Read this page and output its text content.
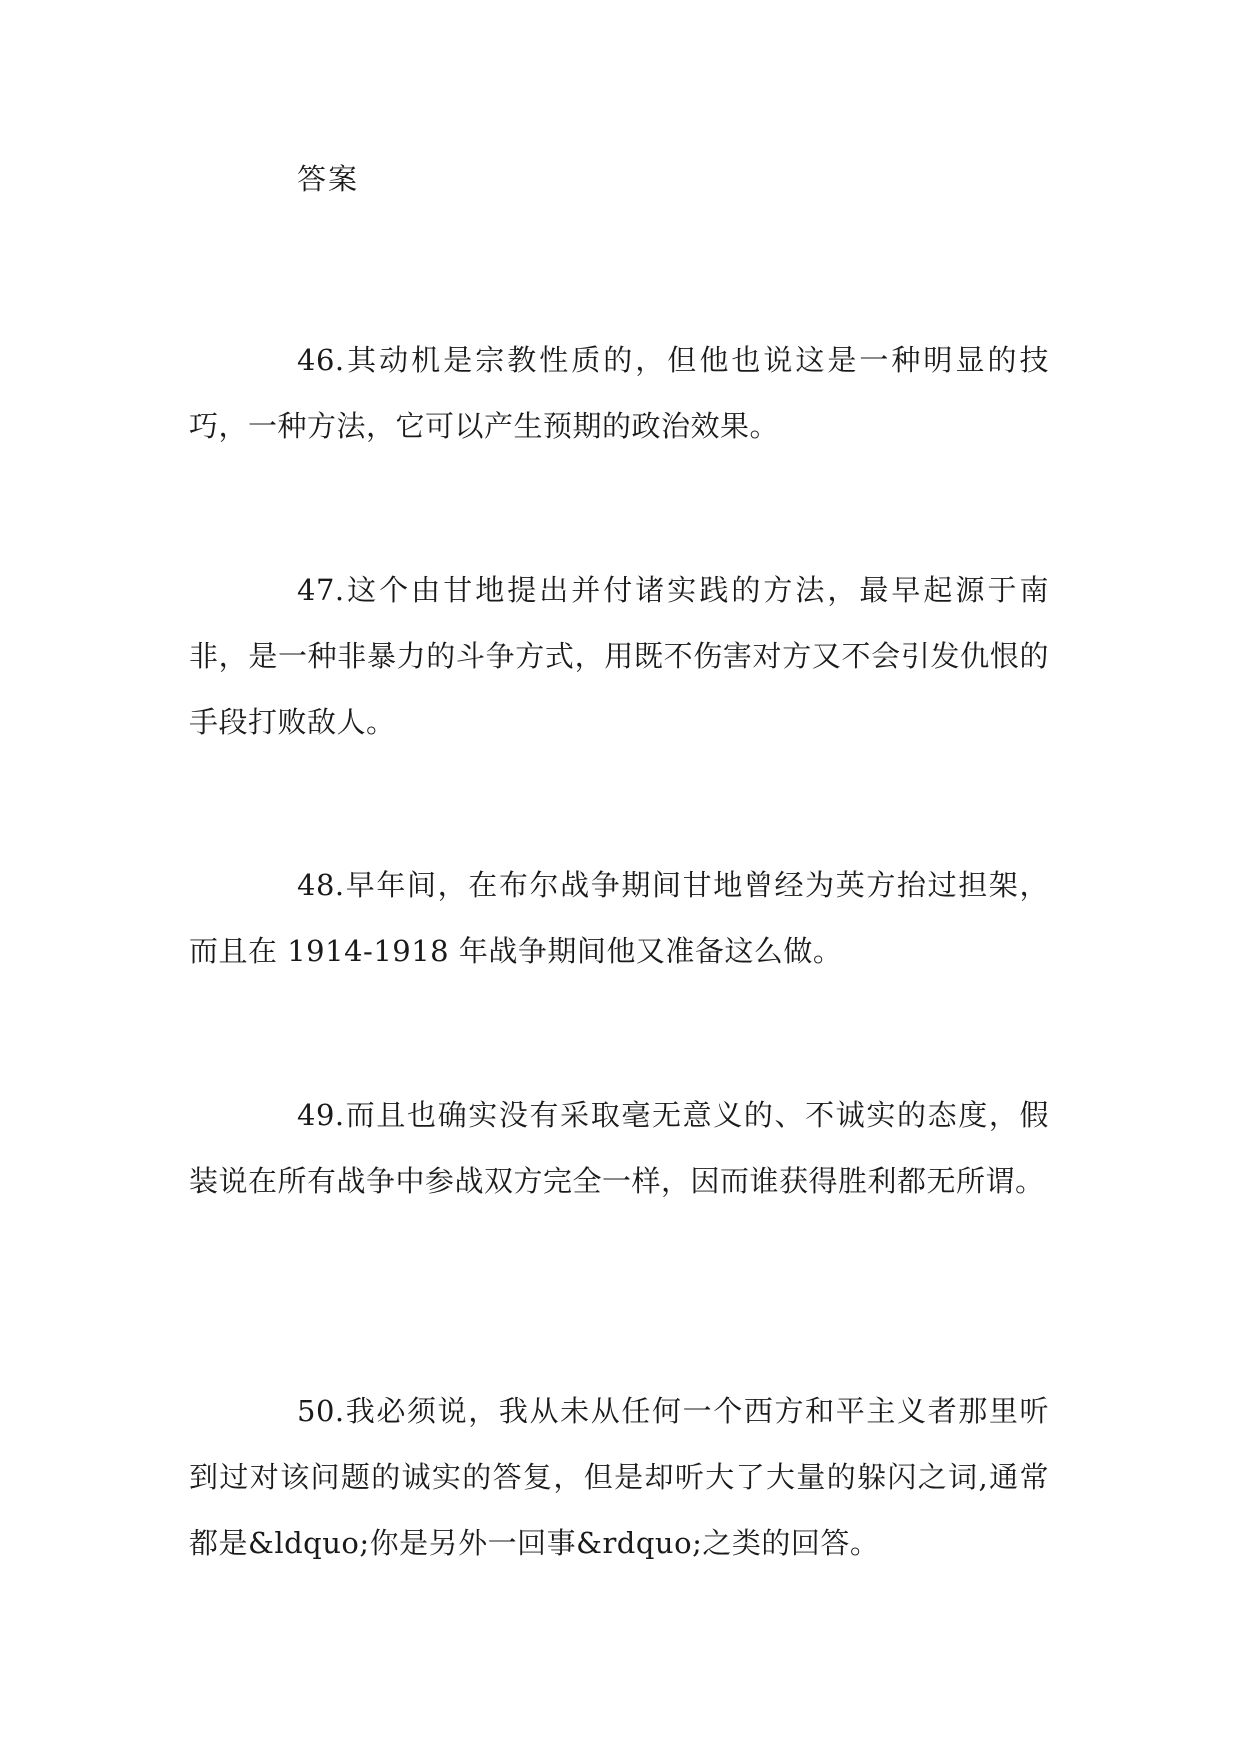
答案

46.其动机是宗教性质的，但他也说这是一种明显的技巧，一种方法，它可以产生预期的政治效果。

47.这个由甘地提出并付诸实践的方法，最早起源于南非，是一种非暴力的斗争方式，用既不伤害对方又不会引发仇恨的手段打败敌人。

48.早年间，在布尔战争期间甘地曾经为英方抬过担架，而且在 1914-1918 年战争期间他又准备这么做。

49.而且也确实没有采取毫无意义的、不诚实的态度，假装说在所有战争中参战双方完全一样，因而谁获得胜利都无所谓。

50.我必须说，我从未从任何一个西方和平主义者那里听到过对该问题的诚实的答复，但是却听大了大量的躲闪之词,通常都是&ldquo;你是另外一回事&rdquo;之类的回答。
